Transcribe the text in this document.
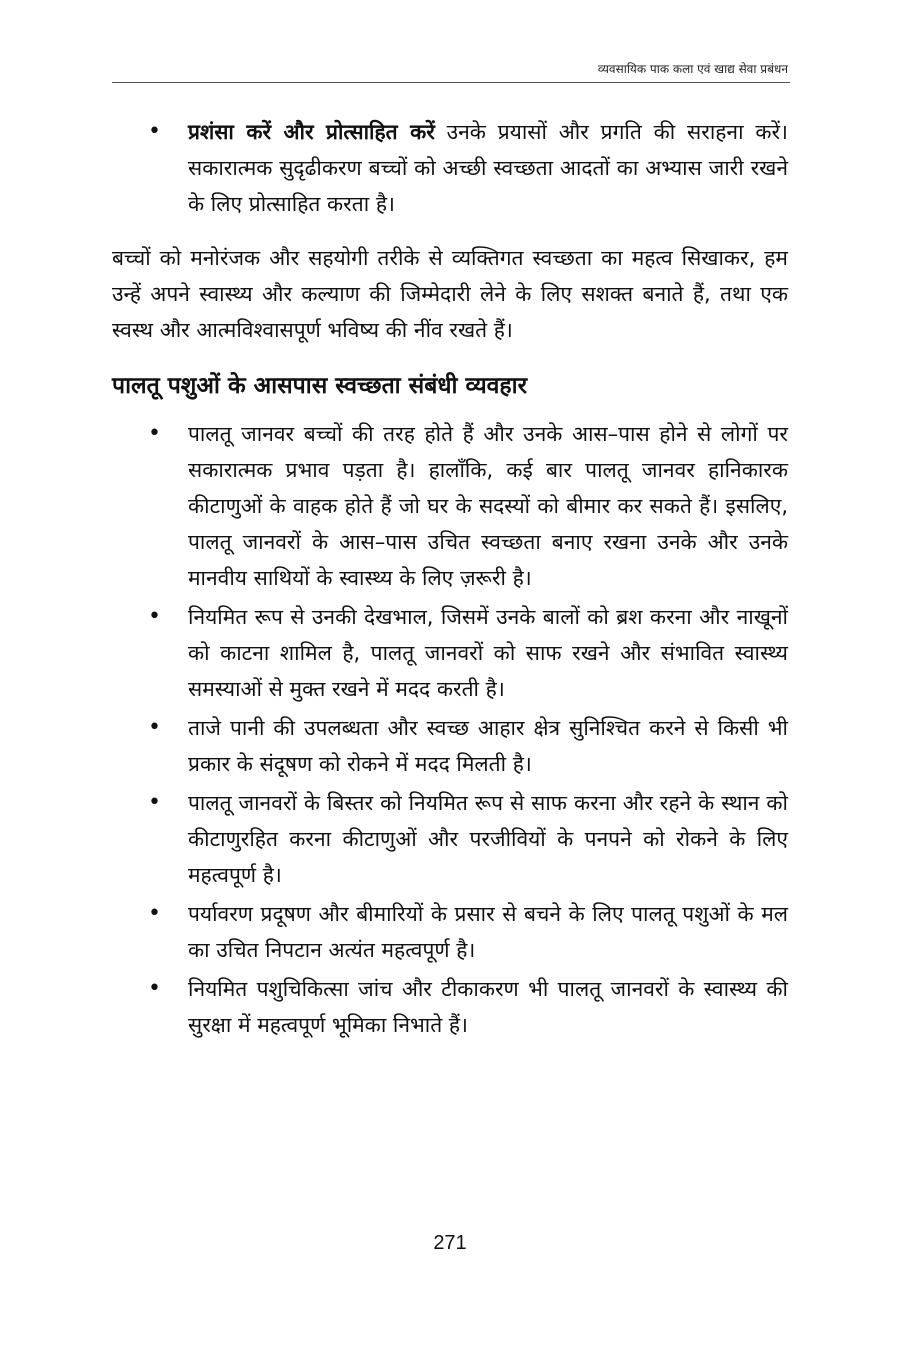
व्यवसायिक पाक कला एवं खाद्य सेवा प्रबंधन
• प्रशंसा करें और प्रोत्साहित करें उनके प्रयासों और प्रगति की सराहना करें। सकारात्मक सुदृढीकरण बच्चों को अच्छी स्वच्छता आदतों का अभ्यास जारी रखने के लिए प्रोत्साहित करता है।

बच्चों को मनोरंजक और सहयोगी तरीके से व्यक्तिगत स्वच्छता का महत्व सिखाकर, हम उन्हें अपने स्वास्थ्य और कल्याण की जिम्मेदारी लेने के लिए सशक्त बनाते हैं, तथा एक स्वस्थ और आत्मविश्वासपूर्ण भविष्य की नींव रखते हैं।

पालतू पशुओं के आसपास स्वच्छता संबंधी व्यवहार
• पालतू जानवर बच्चों की तरह होते हैं और उनके आस–पास होने से लोगों पर सकारात्मक प्रभाव पड़ता है। हालाँकि, कई बार पालतू जानवर हानिकारक कीटाणुओं के वाहक होते हैं जो घर के सदस्यों को बीमार कर सकते हैं। इसलिए, पालतू जानवरों के आस–पास उचित स्वच्छता बनाए रखना उनके और उनके मानवीय साथियों के स्वास्थ्य के लिए ज़रूरी है।
• नियमित रूप से उनकी देखभाल, जिसमें उनके बालों को ब्रश करना और नाखूनों को काटना शामिल है, पालतू जानवरों को साफ रखने और संभावित स्वास्थ्य समस्याओं से मुक्त रखने में मदद करती है।
• ताजे पानी की उपलब्धता और स्वच्छ आहार क्षेत्र सुनिश्चित करने से किसी भी प्रकार के संदूषण को रोकने में मदद मिलती है।
• पालतू जानवरों के बिस्तर को नियमित रूप से साफ करना और रहने के स्थान को कीटाणुरहित करना कीटाणुओं और परजीवियों के पनपने को रोकने के लिए महत्वपूर्ण है।
• पर्यावरण प्रदूषण और बीमारियों के प्रसार से बचने के लिए पालतू पशुओं के मल का उचित निपटान अत्यंत महत्वपूर्ण है।
• नियमित पशुचिकित्सा जांच और टीकाकरण भी पालतू जानवरों के स्वास्थ्य की सुरक्षा में महत्वपूर्ण भूमिका निभाते हैं।
271
